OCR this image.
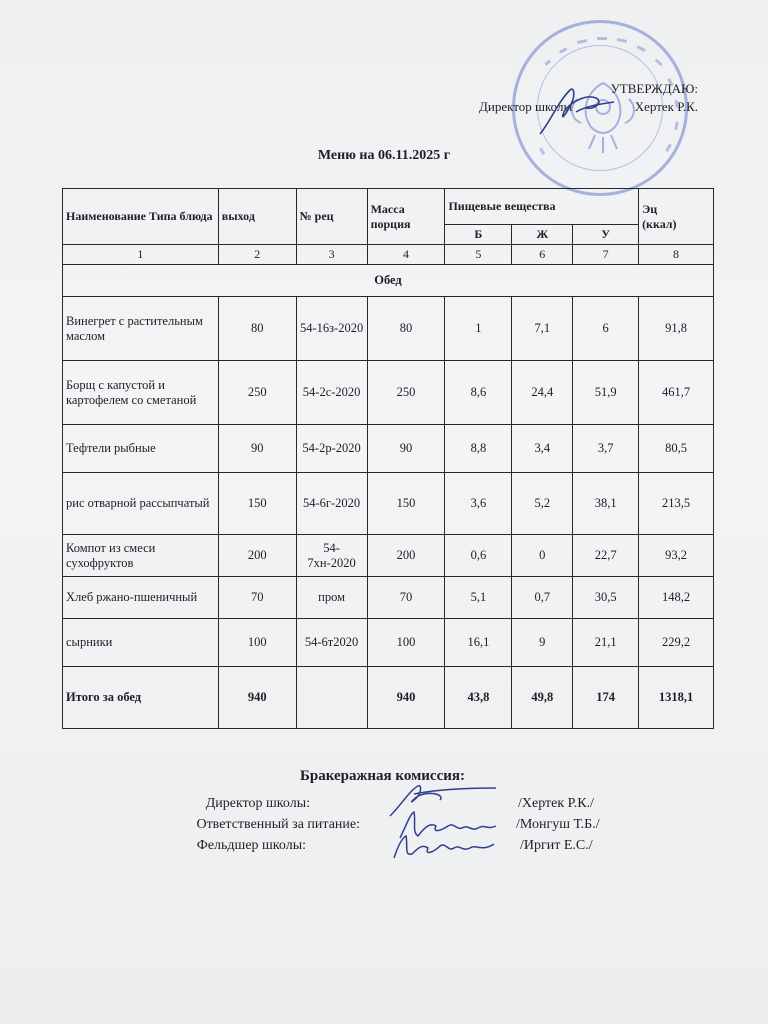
УТВЕРЖДАЮ:
Директор школы	Хертек Р.К.
Меню на 06.11.2025 г
Наименование Типа блюда	выход	№ рец	Масса порция	Пищевые вещества			Эц
(ккал)

				Б	Ж	У	
1	2	3	4	5	6	7	8
Обед							
Винегрет с растительным маслом	80	54-16з-2020	80	1	7,1	6	91,8
Борщ с капустой и картофелем со сметаной	250	54-2с-2020	250	8,6	24,4	51,9	461,7
Тефтели рыбные	90	54-2р-2020	90	8,8	3,4	3,7	80,5
рис отварной рассыпчатый	150	54-6г-2020	150	3,6	5,2	38,1	213,5
Компот из смеси сухофруктов	200	54-7хн-2020	200	0,6	0	22,7	93,2
Хлеб ржано-пшеничный	70	пром	70	5,1	0,7	30,5	148,2
сырники	100	54-6т2020	100	16,1	9	21,1	229,2
Итого за обед	940		940	43,8	49,8	174	1318,1
Бракеражная комиссия:
Директор школы:	/Хертек Р.К./
Ответственный за питание:	/Монгуш Т.Б./
Фельдшер школы:	/Иргит Е.С./
